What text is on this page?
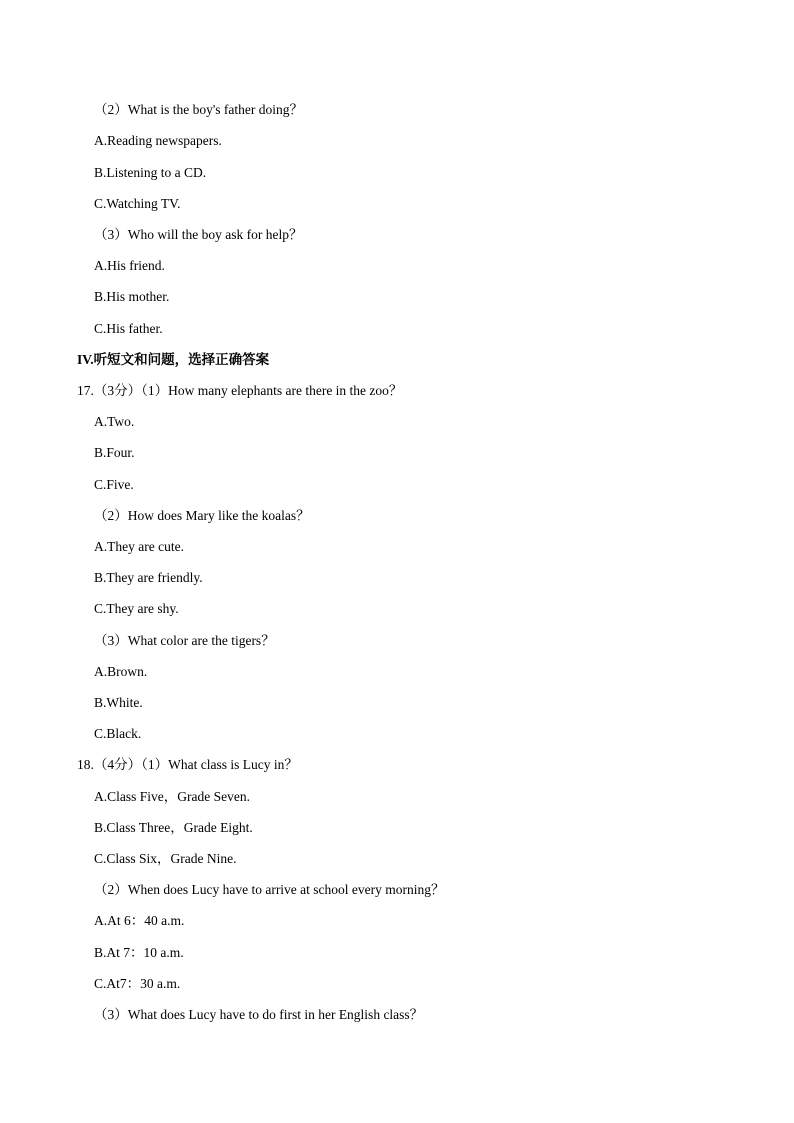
（2）What is the boy's father doing？
A.Reading newspapers.
B.Listening to a CD.
C.Watching TV.
（3）Who will the boy ask for help？
A.His friend.
B.His mother.
C.His father.
IV.听短文和问题，选择正确答案
17.（3分）（1）How many elephants are there in the zoo？
A.Two.
B.Four.
C.Five.
（2）How does Mary like the koalas？
A.They are cute.
B.They are friendly.
C.They are shy.
（3）What color are the tigers？
A.Brown.
B.White.
C.Black.
18.（4分）（1）What class is Lucy in？
A.Class Five，Grade Seven.
B.Class Three，Grade Eight.
C.Class Six，Grade Nine.
（2）When does Lucy have to arrive at school every morning？
A.At 6：40 a.m.
B.At 7：10 a.m.
C.At7：30 a.m.
（3）What does Lucy have to do first in her English class？
